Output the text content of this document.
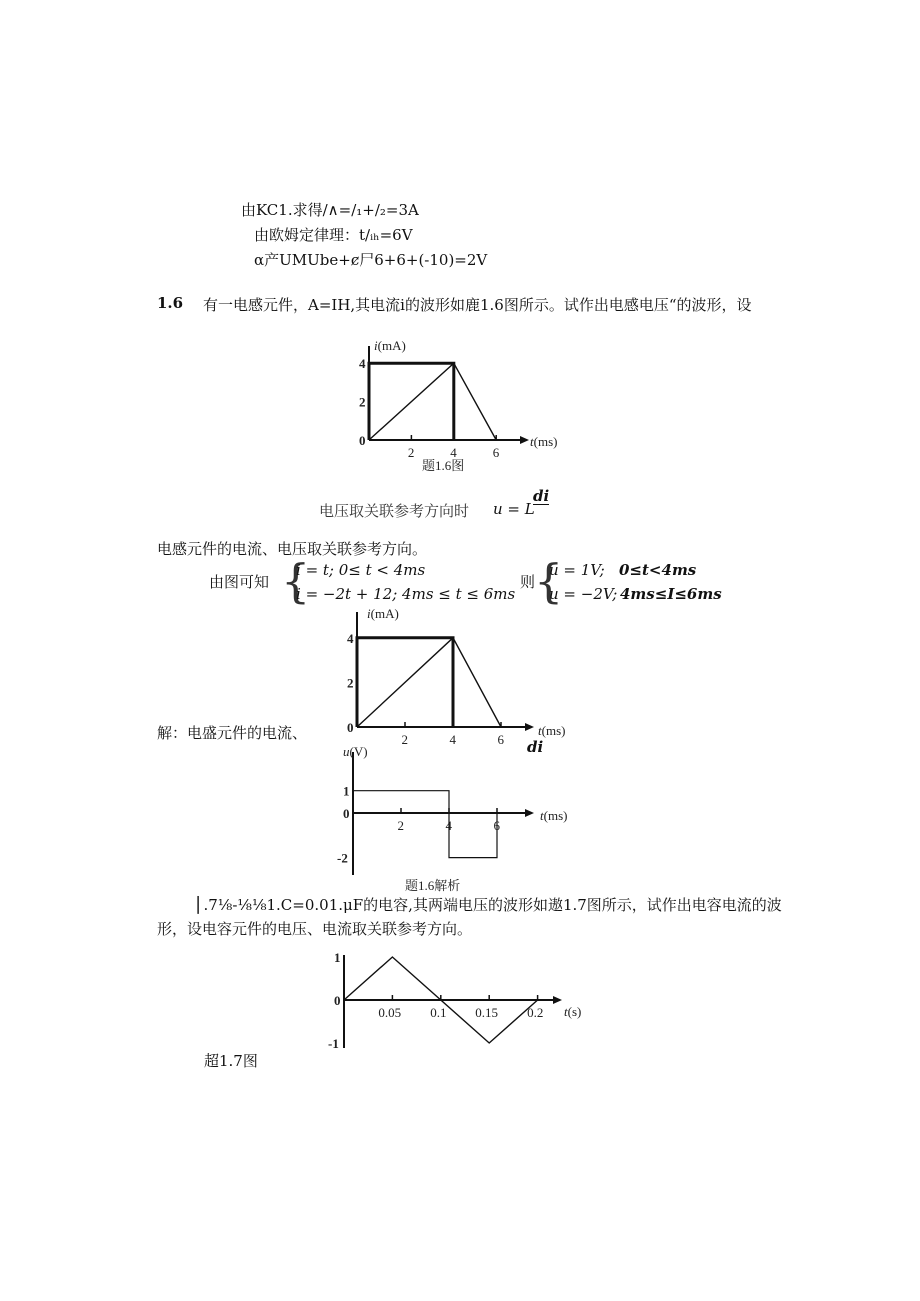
由KC1.求得/∧=/₁+/₂=3A
由欧姆定律理：t∕ᵢₕ=6V
α产UMUbe+ȼ尸6+6+(-10)=2V
1.6 有一电感元件，A=IH,其电流i的波形如鹿1.6图所示。试作出电感电压“的波形，设
2	4	6
0
2
4
i(mA)
t(ms)
题1.6图
2	4	6
0
2
4
i(mA)
t(ms)
2	4	6
1
0
-2
u(V)
t(ms)
题1.6解析
0.05 0.1 0.15 0.2
1
0
-1
t(s)
电压取关联参考方向时 u = L
di
电感元件的电流、电压取关联参考方向。
由图可知 {
i = t; 0≤ t < 4ms
i = −2t + 12; 4ms ≤ t ≤ 6ms
则
{
u = 1V; 0≤t<4ms
u = −2V; 4ms≤I≤6ms
解：电盛元件的电流、
di
⎢.7⅛-⅛⅛1.C=0.01.μF的电容,其两端电压的波形如遨1.7图所示，试作出电容电流的波
形，设电容元件的电压、电流取关联参考方向。
超1.7图
